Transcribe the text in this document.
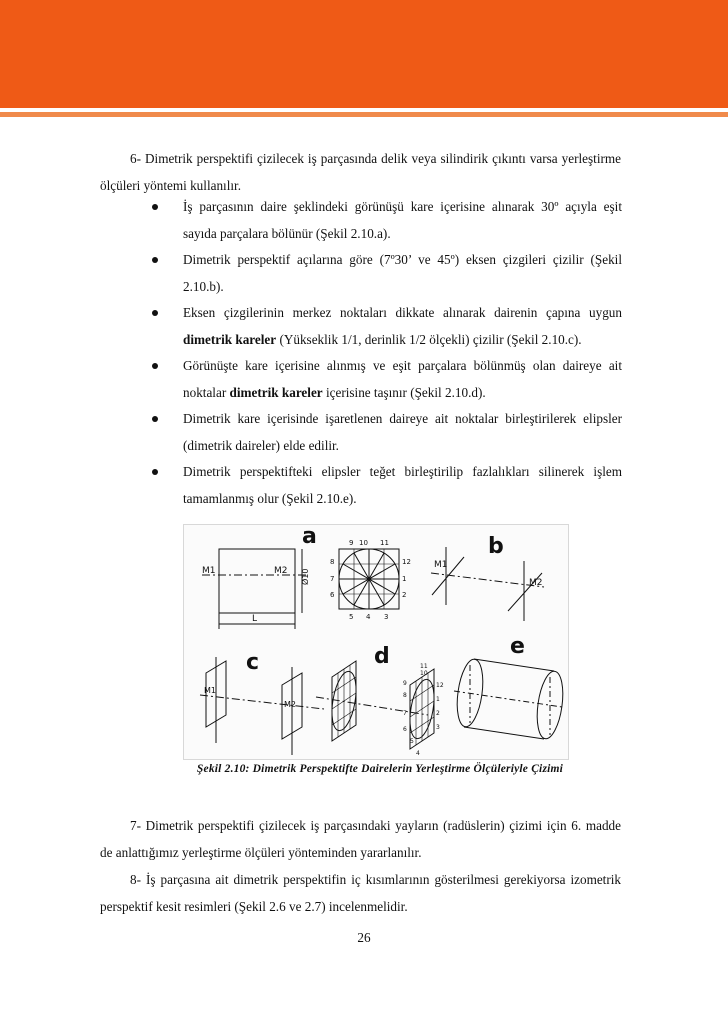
6- Dimetrik perspektifi çizilecek iş parçasında delik veya silindirik çıkıntı varsa yerleştirme ölçüleri yöntemi kullanılır.

İş parçasının daire şeklindeki görünüşü kare içerisine alınarak 30º açıyla eşit sayıda parçalara bölünür (Şekil 2.10.a).
Dimetrik perspektif açılarına göre (7º30’ ve 45º) eksen çizgileri çizilir (Şekil 2.10.b).
Eksen çizgilerinin merkez noktaları dikkate alınarak dairenin çapına uygun dimetrik kareler (Yükseklik 1/1, derinlik 1/2 ölçekli) çizilir (Şekil 2.10.c).
Görünüşte kare içerisine alınmış ve eşit parçalara bölünmüş olan daireye ait noktalar dimetrik kareler içerisine taşınır (Şekil 2.10.d).
Dimetrik kare içerisinde işaretlenen daireye ait noktalar birleştirilerek elipsler (dimetrik daireler) elde edilir.
Dimetrik perspektifteki elipsler teğet birleştirilip fazlalıkları silinerek işlem tamamlanmış olur (Şekil 2.10.e).
M1	M2
L
Ø10
a	9 10 11
12
1
2
3
4
5
6
7
8	M1
M2
b
M1
M2
c	11
10
9
8
7
6
5
4
3
2
1
12
d	e

Şekil 2.10: Dimetrik Perspektifte Dairelerin Yerleştirme Ölçüleriyle Çizimi

7- Dimetrik perspektifi çizilecek iş parçasındaki yayların (radüslerin) çizimi için 6. madde de anlattığımız yerleştirme ölçüleri yönteminden yararlanılır.

8- İş parçasına ait dimetrik perspektifin iç kısımlarının gösterilmesi gerekiyorsa izometrik perspektif kesit resimleri (Şekil 2.6 ve 2.7) incelenmelidir.

26
